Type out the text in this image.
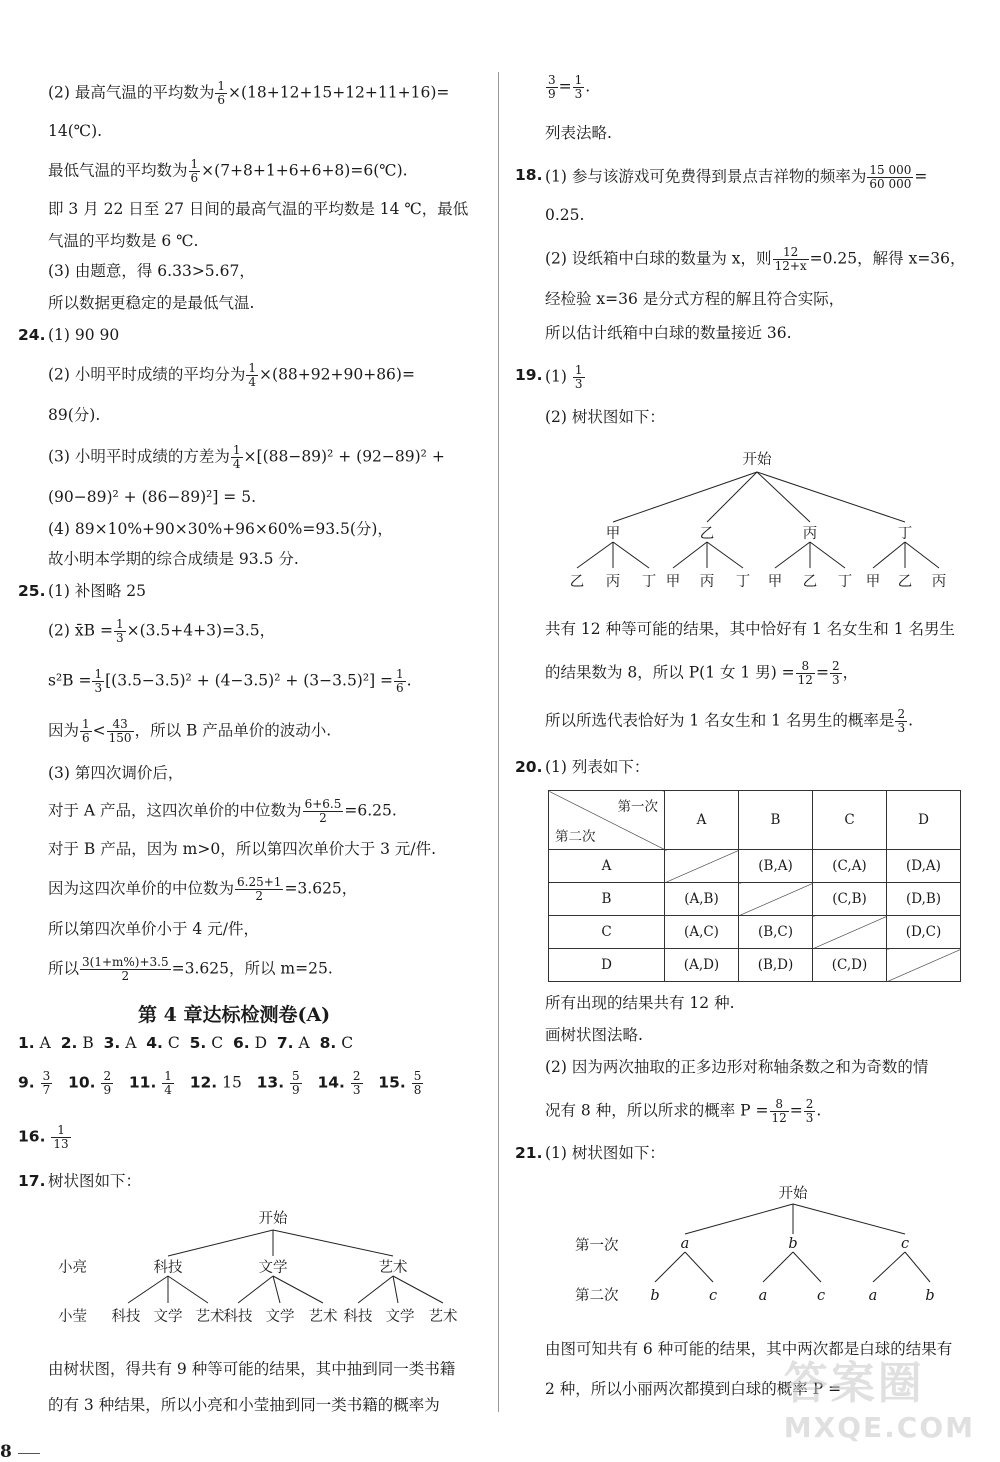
(2) 最高气温的平均数为 $\frac{1}{6} \times(18+12+15+12+11+16)=$
14(℃).
最低气温的平均数为 $\frac{1}{6}$ ×(7+8+1+6+6+8)=6(℃).
即 3 月 22 日至 27 日间的最高气温的平均数是 14 ℃，最低
气温的平均数是 6 ℃.
(3) 由题意，得 6.33>5.67，
所以数据更稳定的是最低气温.
24. (1) 90 90
(2) 小明平时成绩的平均分为 $\frac{1}{4} \times(88+92+90+86)=$
89(分).
(3) 小明平时成绩的方差为 $\frac{1}{4} \times[(88-89)^2 + (92-89)^2$ +
(90−89)² + (86−89)²] = 5.
(4) 89×10%+90×30%+96×60%=93.5(分)，
故小明本学期的综合成绩是 93.5 分.
25. (1) 补图略 25
(2) x̄B = $\frac{1}{3} \times(3.5+4+3)=3.5$，
$s^2B = \frac{1}{3} [(3.5-3.5)^2 + (4-3.5)^2 + (3-3.5)^2] = \frac{1}{6}$ .
因为 $\frac{1}{6} < \frac{43}{150}$ ，所以 B 产品单价的波动小.
(3) 第四次调价后，
对于 A 产品，这四次单价的中位数为 $\frac{6+6.5}{2} =6.25$.
对于 B 产品，因为 m>0，所以第四次单价大于 3 元/件.
因为这四次单价的中位数为 $\frac{6.25+1}{2} =3.625$，
所以第四次单价小于 4 元/件，
所以 $\frac{3(1+m\%)+3.5}{2} =3.625$，所以 m=25.
第 4 章达标检测卷(A)
1. A 2. B 3. A 4. C 5. C 6. D 7. A 8. C
9. $\frac{3}{7} 10$. $\frac{2}{9} 11$. $\frac{1}{4} 12$. 15 13. $\frac{5}{9} 14$. $\frac{2}{3} 15$. $\frac{5}{8}$
16. $\frac{1}{13}$
17. 树状图如下：
开始
小亮
小莹
科技	文学	艺术
科技 文学 艺术 科技 文学 艺术 科技 文学 艺术
由树状图，得共有 9 种等可能的结果，其中抽到同一类书籍
的有 3 种结果，所以小亮和小莹抽到同一类书籍的概率为
$\frac{3}{9} = \frac{1}{3}$ .
列表法略.
18. (1) 参与该游戏可免费得到景点吉祥物的频率为 $\frac{15 000}{60 000}$ =
0.25.
(2) 设纸箱中白球的数量为 x，则 $\frac{12}{12+x} =0.25$，解得 x=36，
经检验 x=36 是分式方程的解且符合实际，
所以估计纸箱中白球的数量接近 36.
19. $(1) \frac{1}{3}$
(2) 树状图如下：
开始
甲	乙	丙	丁
乙 丙 丁 甲 丙 丁 甲 乙 丁 甲 乙 丙
共有 12 种等可能的结果，其中恰好有 1 名女生和 1 名男生
的结果数为 8，所以 P(1 女 1 男) = $\frac{8}{12} = \frac{2}{3}$ ，
所以所选代表恰好为 1 名女生和 1 名男生的概率是 $\frac{2}{3}$ .
20. (1) 列表如下：
第一次
第二次	A	B	C	D
A		(B,A)	(C,A)	(D,A)
B	(A,B)		(C,B)	(D,B)
C	(A,C)	(B,C)		(D,C)
D	(A,D)	(B,D)	(C,D)	
所有出现的结果共有 12 种.
画树状图法略.
(2) 因为两次抽取的正多边形对称轴条数之和为奇数的情
况有 8 种，所以所求的概率 $P = \frac{8}{12} = \frac{2}{3}$ .
21. (1) 树状图如下：
开始
第一次
第二次
a	b	c
b	c	a	c	a	b
由图可知共有 6 种可能的结果，其中两次都是白球的结果有
2 种，所以小丽两次都摸到白球的概率 P =
8
答案圈
MXQE.COM
